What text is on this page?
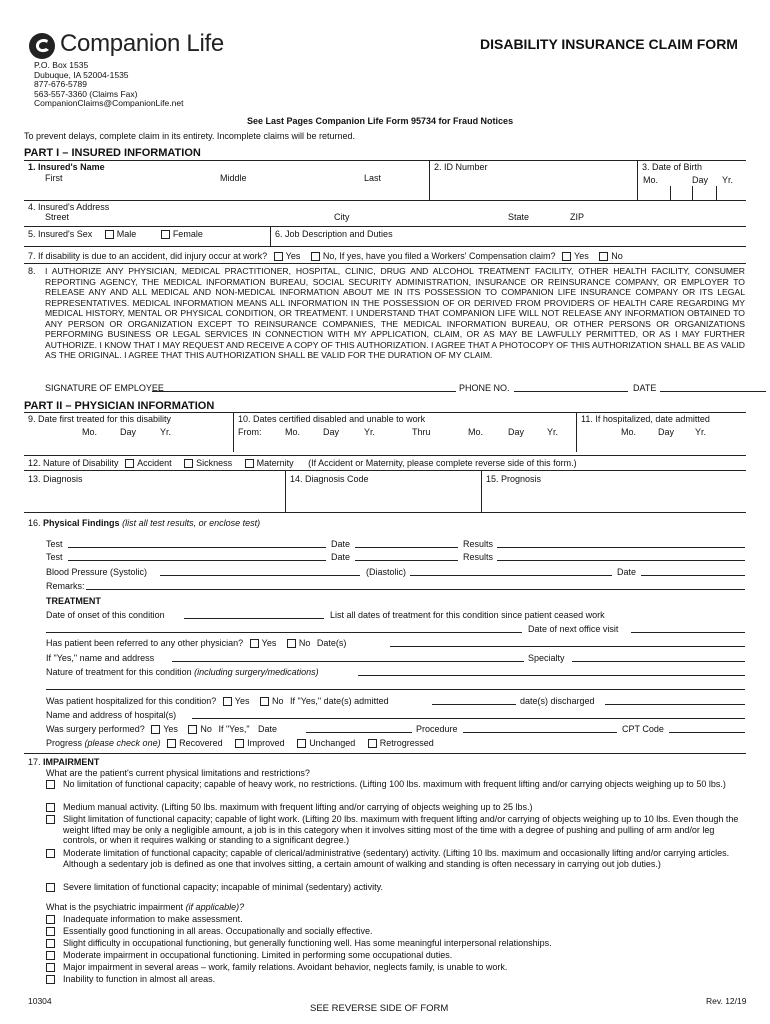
Companion Life	DISABILITY INSURANCE CLAIM FORM
P.O. Box 1535
Dubuque, IA 52004-1535
877-676-5789
563-557-3360 (Claims Fax)
CompanionClaims@CompanionLife.net
See Last Pages Companion Life Form 95734 for Fraud Notices
To prevent delays, complete claim in its entirety. Incomplete claims will be returned.
PART I – INSURED INFORMATION
1. Insured's Name
First	Middle	Last
2. ID Number	3. Date of Birth
Mo.	Day Yr.
4. Insured's Address
Street	City	State	ZIP
5. Insured's Sex	Male	Female	6. Job Description and Duties
7. If disability is due to an accident, did injury occur at work? Yes	No, If yes, have you filed a Workers' Compensation claim? Yes	No
8. I AUTHORIZE ANY PHYSICIAN, MEDICAL PRACTITIONER, HOSPITAL, CLINIC, DRUG AND ALCOHOL TREATMENT FACILITY, OTHER HEALTH FACILITY, CONSUMER REPORTING AGENCY, THE MEDICAL INFORMATION BUREAU, SOCIAL SECURITY ADMINISTRATION, INSURANCE OR REINSURANCE COMPANY, OR EMPLOYER TO RELEASE ANY AND ALL MEDICAL AND NON-MEDICAL INFORMATION ABOUT ME IN ITS POSSESSION TO COMPANION LIFE INSURANCE COMPANY OR ITS LEGAL REPRESENTATIVES. MEDICAL INFORMATION MEANS ALL INFORMATION IN THE POSSESSION OF OR DERIVED FROM PROVIDERS OF HEALTH CARE REGARDING MY MEDICAL HISTORY, MENTAL OR PHYSICAL CONDITION, OR TREATMENT. I UNDERSTAND THAT COMPANION LIFE WILL NOT RELEASE ANY INFORMATION OBTAINED TO ANY PERSON OR ORGANIZATION EXCEPT TO REINSURANCE COMPANIES, THE MEDICAL INFORMATION BUREAU, OR OTHER PERSONS OR ORGANIZATIONS PERFORMING BUSINESS OR LEGAL SERVICES IN CONNECTION WITH MY APPLICATION, CLAIM, OR AS MAY BE LAWFULLY PERMITTED, OR AS I MAY FURTHER AUTHORIZE. I KNOW THAT I MAY REQUEST AND RECEIVE A COPY OF THIS AUTHORIZATION. I AGREE THAT A PHOTOCOPY OF THIS AUTHORIZATION SHALL BE AS VALID AS THE ORIGINAL. I AGREE THAT THIS AUTHORIZATION SHALL BE VALID FOR THE DURATION OF MY CLAIM.
SIGNATURE OF EMPLOYEE	PHONE NO.	DATE
PART II – PHYSICIAN INFORMATION
9. Date first treated for this disability
Mo.	Day	Yr.
10. Dates certified disabled and unable to work
From:	Mo.	Day	Yr.	Thru	Mo.	Day	Yr.
11. If hospitalized, date admitted
Mo. Day Yr.
12. Nature of Disability Accident	Sickness	Maternity (If Accident or Maternity, please complete reverse side of this form.)
13. Diagnosis	14. Diagnosis Code	15. Prognosis
16. Physical Findings (list all test results, or enclose test)
Test	Date	Results
Test	Date	Results
Blood Pressure (Systolic)	(Diastolic)	Date
Remarks:
TREATMENT
Date of onset of this condition	List all dates of treatment for this condition since patient ceased work
Date of next office visit
Has patient been referred to any other physician? Yes	No Date(s)
If "Yes," name and address	Specialty
Nature of treatment for this condition (including surgery/medications)
Was patient hospitalized for this condition? Yes	No If "Yes," date(s) admitted	date(s) discharged
Name and address of hospital(s)
Was surgery performed? Yes	No If "Yes," Date	Procedure	CPT Code
Progress (please check one) Recovered	Improved	Unchanged	Retrogressed
17. IMPAIRMENT
What are the patient's current physical limitations and restrictions?
No limitation of functional capacity; capable of heavy work, no restrictions. (Lifting 100 lbs. maximum with frequent lifting and/or carrying objects weighing up to 50 lbs.)
Medium manual activity. (Lifting 50 lbs. maximum with frequent lifting and/or carrying of objects weighing up to 25 lbs.)
Slight limitation of functional capacity; capable of light work. (Lifting 20 lbs. maximum with frequent lifting and/or carrying of objects weighing up to 10 lbs. Even though the weight lifted may be only a negligible amount, a job is in this category when it involves sitting most of the time with a degree of pushing and pulling of arm and/or leg controls, or when it requires walking or standing to a significant degree.)
Moderate limitation of functional capacity; capable of clerical/administrative (sedentary) activity. (Lifting 10 lbs. maximum and occasionally lifting and/or carrying articles. Although a sedentary job is defined as one that involves sitting, a certain amount of walking and standing is often necessary in carrying out job duties.)
Severe limitation of functional capacity; incapable of minimal (sedentary) activity.
What is the psychiatric impairment (if applicable)?
Inadequate information to make assessment.
Essentially good functioning in all areas. Occupationally and socially effective.
Slight difficulty in occupational functioning, but generally functioning well. Has some meaningful interpersonal relationships.
Moderate impairment in occupational functioning. Limited in performing some occupational duties.
Major impairment in several areas – work, family relations. Avoidant behavior, neglects family, is unable to work.
Inability to function in almost all areas.
10304
SEE REVERSE SIDE OF FORM
Rev. 12/19
